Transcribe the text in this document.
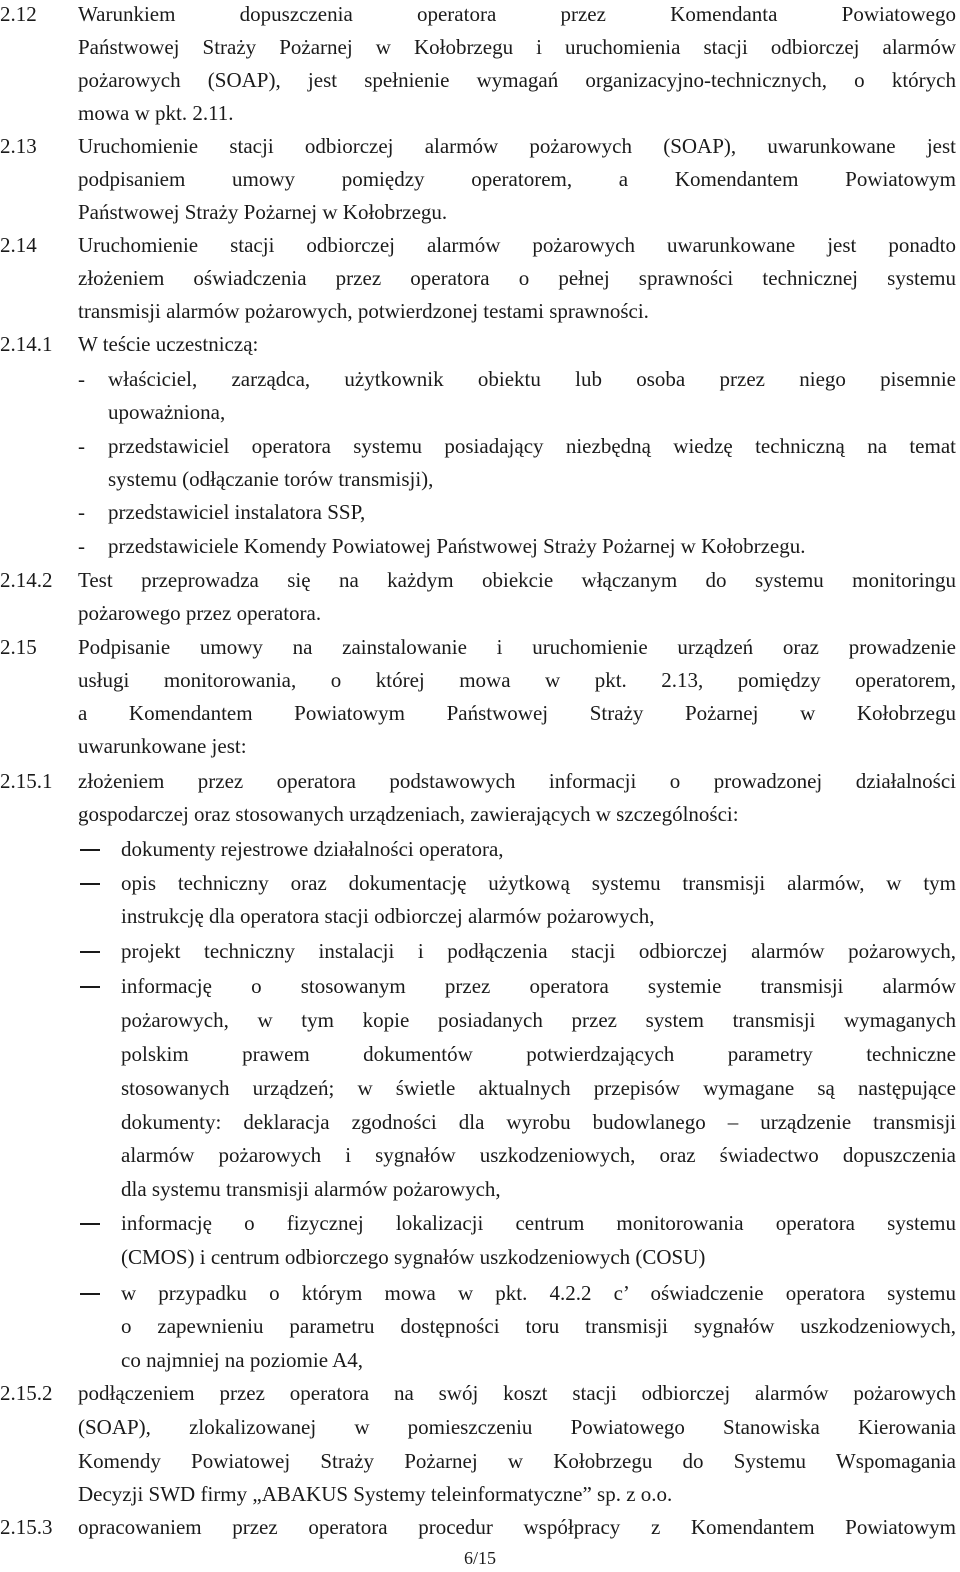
2.12 Warunkiem dopuszczenia operatora przez Komendanta Powiatowego
Państwowej Straży Pożarnej w Kołobrzegu i uruchomienia stacji odbiorczej alarmów
pożarowych (SOAP), jest spełnienie wymagań organizacyjno-technicznych, o których
mowa w pkt. 2.11.
2.13 Uruchomienie stacji odbiorczej alarmów pożarowych (SOAP), uwarunkowane jest
podpisaniem umowy pomiędzy operatorem, a Komendantem Powiatowym
Państwowej Straży Pożarnej w Kołobrzegu.
2.14 Uruchomienie stacji odbiorczej alarmów pożarowych uwarunkowane jest ponadto
złożeniem oświadczenia przez operatora o pełnej sprawności technicznej systemu
transmisji alarmów pożarowych, potwierdzonej testami sprawności.
2.14.1 W teście uczestniczą:
- właściciel, zarządca, użytkownik obiektu lub osoba przez niego pisemnie
upoważniona,
- przedstawiciel operatora systemu posiadający niezbędną wiedzę techniczną na temat
systemu (odłączanie torów transmisji),
- przedstawiciel instalatora SSP,
- przedstawiciele Komendy Powiatowej Państwowej Straży Pożarnej w Kołobrzegu.
2.14.2 Test przeprowadza się na każdym obiekcie włączanym do systemu monitoringu
pożarowego przez operatora.
2.15 Podpisanie umowy na zainstalowanie i uruchomienie urządzeń oraz prowadzenie
usługi monitorowania, o której mowa w pkt. 2.13, pomiędzy operatorem,
a Komendantem Powiatowym Państwowej Straży Pożarnej w Kołobrzegu
uwarunkowane jest:
2.15.1 złożeniem przez operatora podstawowych informacji o prowadzonej działalności
gospodarczej oraz stosowanych urządzeniach, zawierających w szczególności:
dokumenty rejestrowe działalności operatora,
opis techniczny oraz dokumentację użytkową systemu transmisji alarmów, w tym
instrukcję dla operatora stacji odbiorczej alarmów pożarowych,
projekt techniczny instalacji i podłączenia stacji odbiorczej alarmów pożarowych,
informację o stosowanym przez operatora systemie transmisji alarmów
pożarowych, w tym kopie posiadanych przez system transmisji wymaganych
polskim prawem dokumentów potwierdzających parametry techniczne
stosowanych urządzeń; w świetle aktualnych przepisów wymagane są następujące
dokumenty: deklaracja zgodności dla wyrobu budowlanego – urządzenie transmisji
alarmów pożarowych i sygnałów uszkodzeniowych, oraz świadectwo dopuszczenia
dla systemu transmisji alarmów pożarowych,
informację o fizycznej lokalizacji centrum monitorowania operatora systemu
(CMOS) i centrum odbiorczego sygnałów uszkodzeniowych (COSU)
w przypadku o którym mowa w pkt. 4.2.2 c’ oświadczenie operatora systemu
o zapewnieniu parametru dostępności toru transmisji sygnałów uszkodzeniowych,
co najmniej na poziomie A4,
2.15.2 podłączeniem przez operatora na swój koszt stacji odbiorczej alarmów pożarowych
(SOAP), zlokalizowanej w pomieszczeniu Powiatowego Stanowiska Kierowania
Komendy Powiatowej Straży Pożarnej w Kołobrzegu do Systemu Wspomagania
Decyzji SWD firmy „ABAKUS Systemy teleinformatyczne” sp. z o.o.
2.15.3 opracowaniem przez operatora procedur współpracy z Komendantem Powiatowym
6/15
